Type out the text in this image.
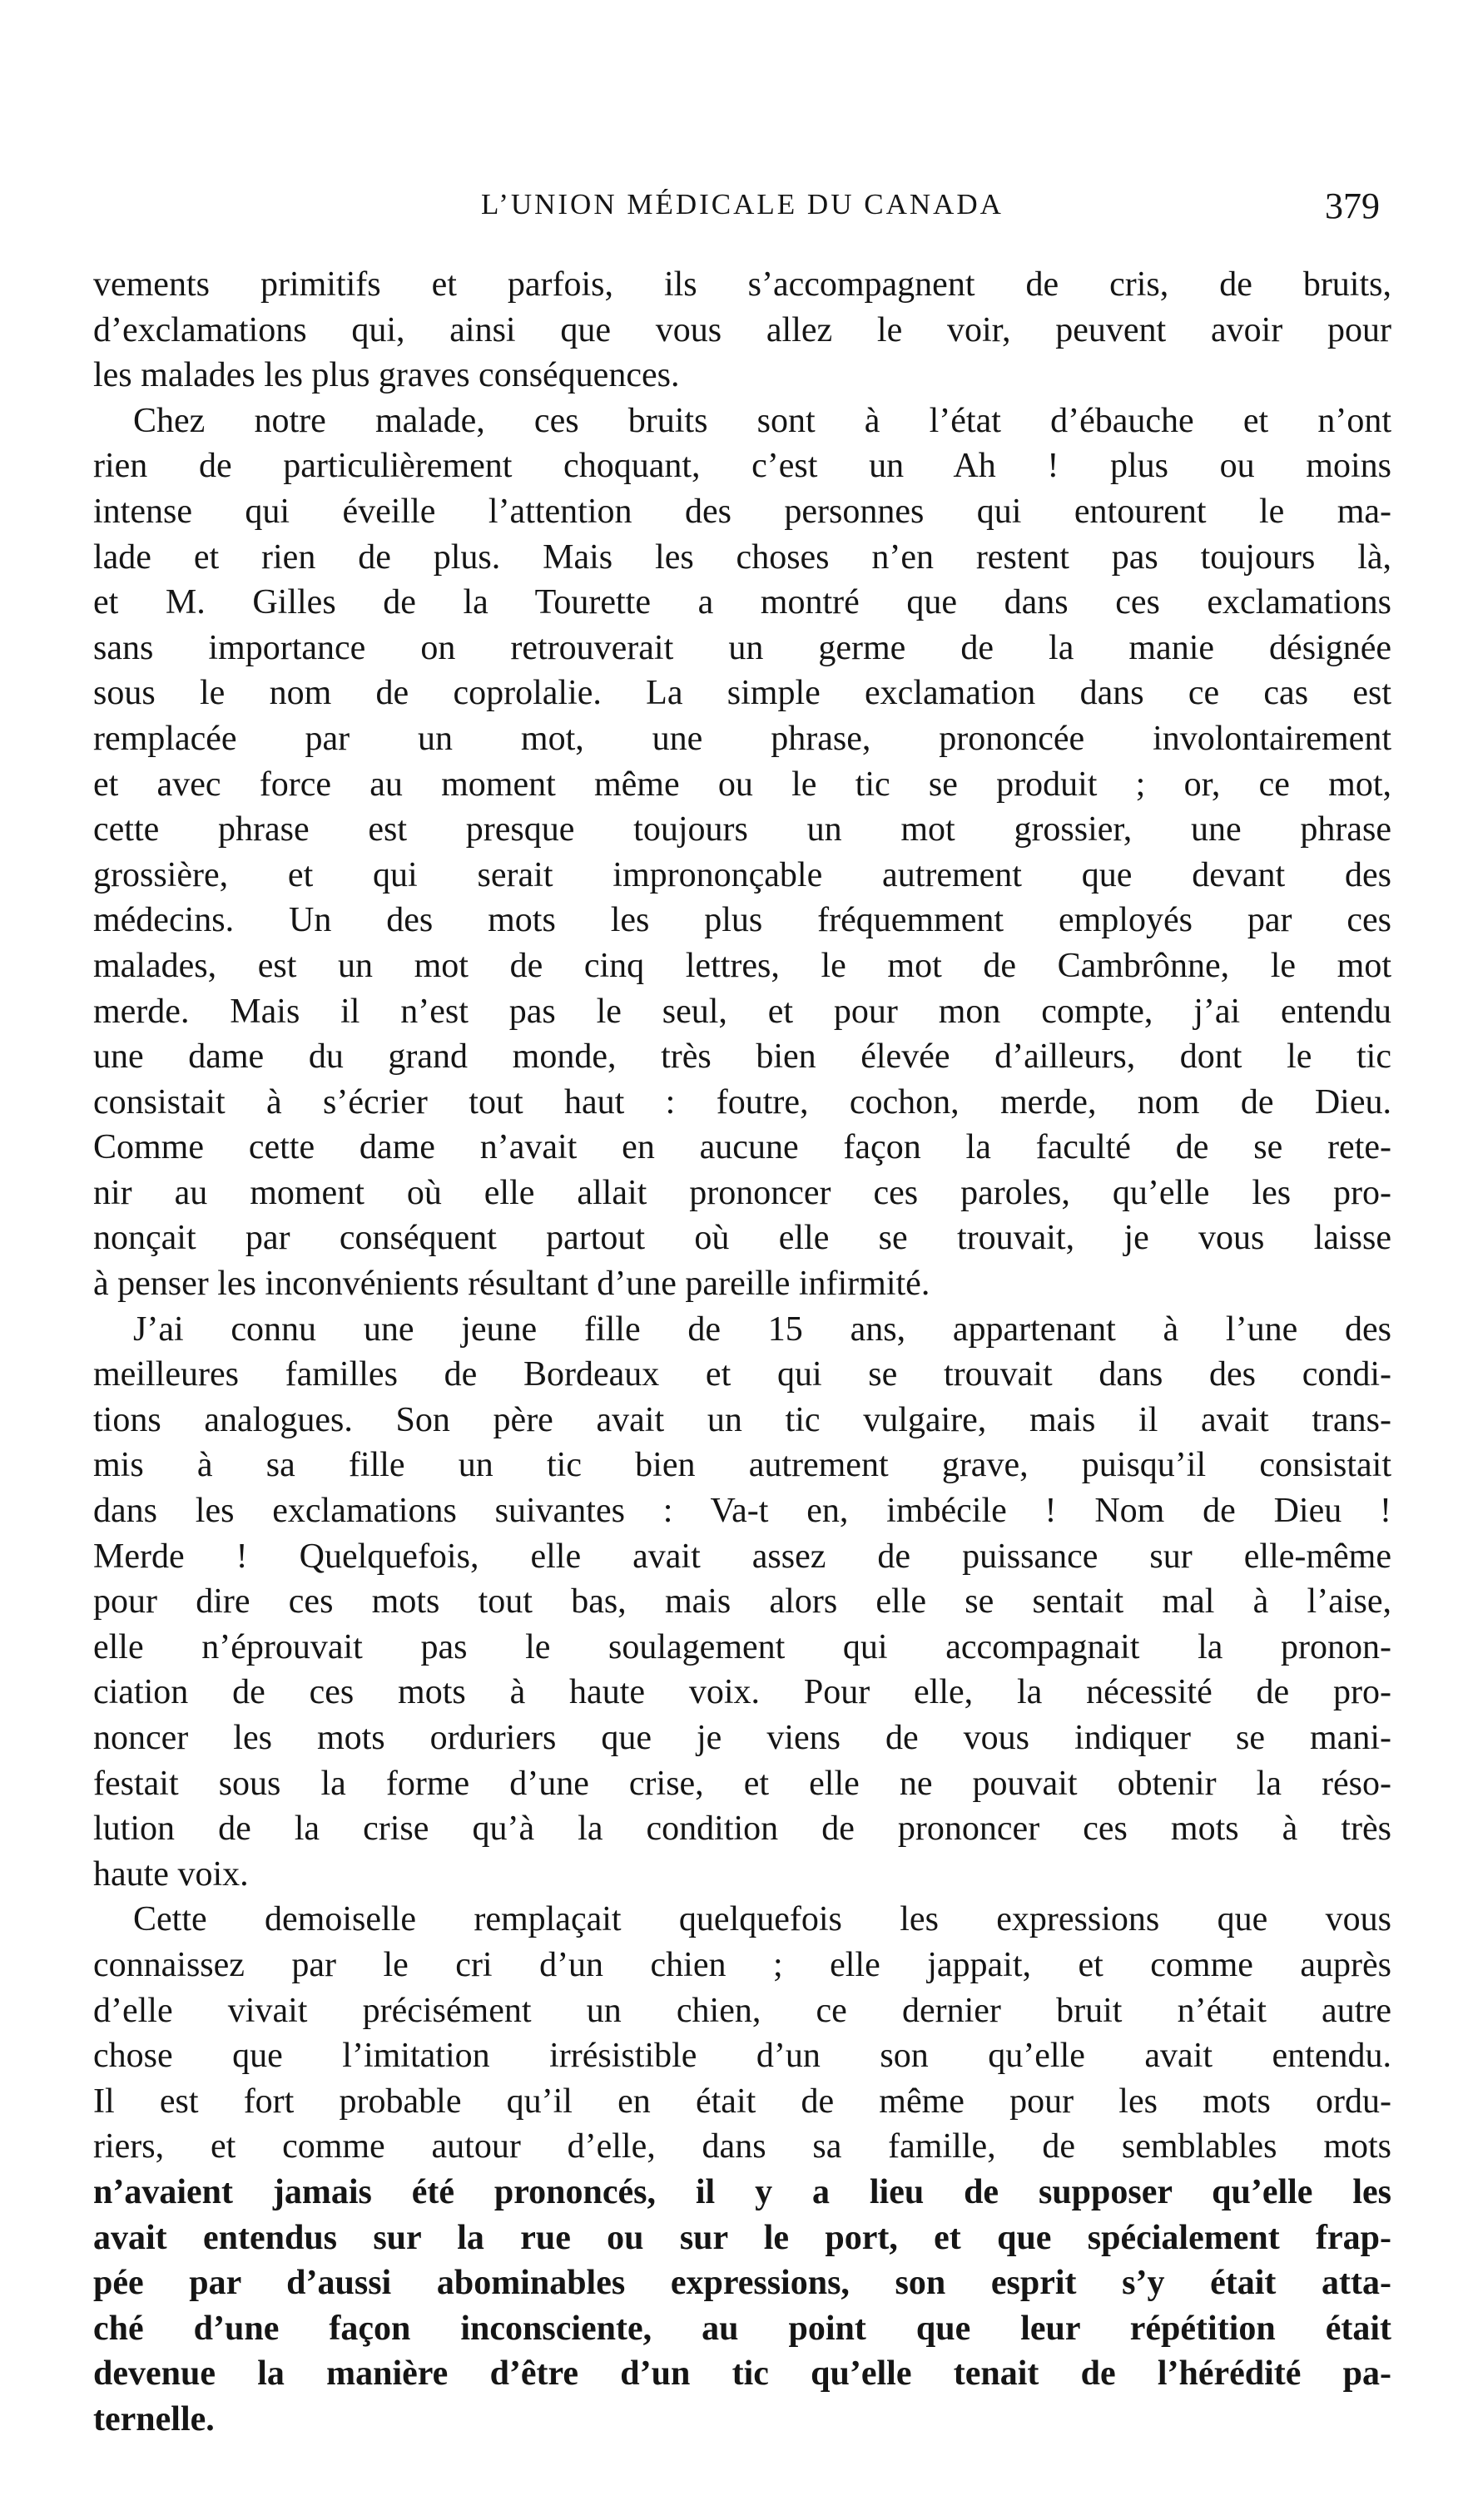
L’UNION MÉDICALE DU CANADA	379
vements primitifs et parfois, ils s’accompagnent de cris, de bruits,
d’exclamations qui, ainsi que vous allez le voir, peuvent avoir pour
les malades les plus graves conséquences.
Chez notre malade, ces bruits sont à l’état d’ébauche et n’ont
rien de particulièrement choquant, c’est un Ah ! plus ou moins
intense qui éveille l’attention des personnes qui entourent le ma-
lade et rien de plus. Mais les choses n’en restent pas toujours là,
et M. Gilles de la Tourette a montré que dans ces exclamations
sans importance on retrouverait un germe de la manie désignée
sous le nom de coprolalie. La simple exclamation dans ce cas est
remplacée par un mot, une phrase, prononcée involontairement
et avec force au moment même ou le tic se produit ; or, ce mot,
cette phrase est presque toujours un mot grossier, une phrase
grossière, et qui serait imprononçable autrement que devant des
médecins. Un des mots les plus fréquemment employés par ces
malades, est un mot de cinq lettres, le mot de Cambrônne, le mot
merde. Mais il n’est pas le seul, et pour mon compte, j’ai entendu
une dame du grand monde, très bien élevée d’ailleurs, dont le tic
consistait à s’écrier tout haut : foutre, cochon, merde, nom de Dieu.
Comme cette dame n’avait en aucune façon la faculté de se rete-
nir au moment où elle allait prononcer ces paroles, qu’elle les pro-
nonçait par conséquent partout où elle se trouvait, je vous laisse
à penser les inconvénients résultant d’une pareille infirmité.
J’ai connu une jeune fille de 15 ans, appartenant à l’une des
meilleures familles de Bordeaux et qui se trouvait dans des condi-
tions analogues. Son père avait un tic vulgaire, mais il avait trans-
mis à sa fille un tic bien autrement grave, puisqu’il consistait
dans les exclamations suivantes : Va-t en, imbécile ! Nom de Dieu !
Merde ! Quelquefois, elle avait assez de puissance sur elle-même
pour dire ces mots tout bas, mais alors elle se sentait mal à l’aise,
elle n’éprouvait pas le soulagement qui accompagnait la pronon-
ciation de ces mots à haute voix. Pour elle, la nécessité de pro-
noncer les mots orduriers que je viens de vous indiquer se mani-
festait sous la forme d’une crise, et elle ne pouvait obtenir la réso-
lution de la crise qu’à la condition de prononcer ces mots à très
haute voix.
Cette demoiselle remplaçait quelquefois les expressions que vous
connaissez par le cri d’un chien ; elle jappait, et comme auprès
d’elle vivait précisément un chien, ce dernier bruit n’était autre
chose que l’imitation irrésistible d’un son qu’elle avait entendu.
Il est fort probable qu’il en était de même pour les mots ordu-
riers, et comme autour d’elle, dans sa famille, de semblables mots
n’avaient jamais été prononcés, il y a lieu de supposer qu’elle les
avait entendus sur la rue ou sur le port, et que spécialement frap-
pée par d’aussi abominables expressions, son esprit s’y était atta-
ché d’une façon inconsciente, au point que leur répétition était
devenue la manière d’être d’un tic qu’elle tenait de l’hérédité pa-
ternelle.
